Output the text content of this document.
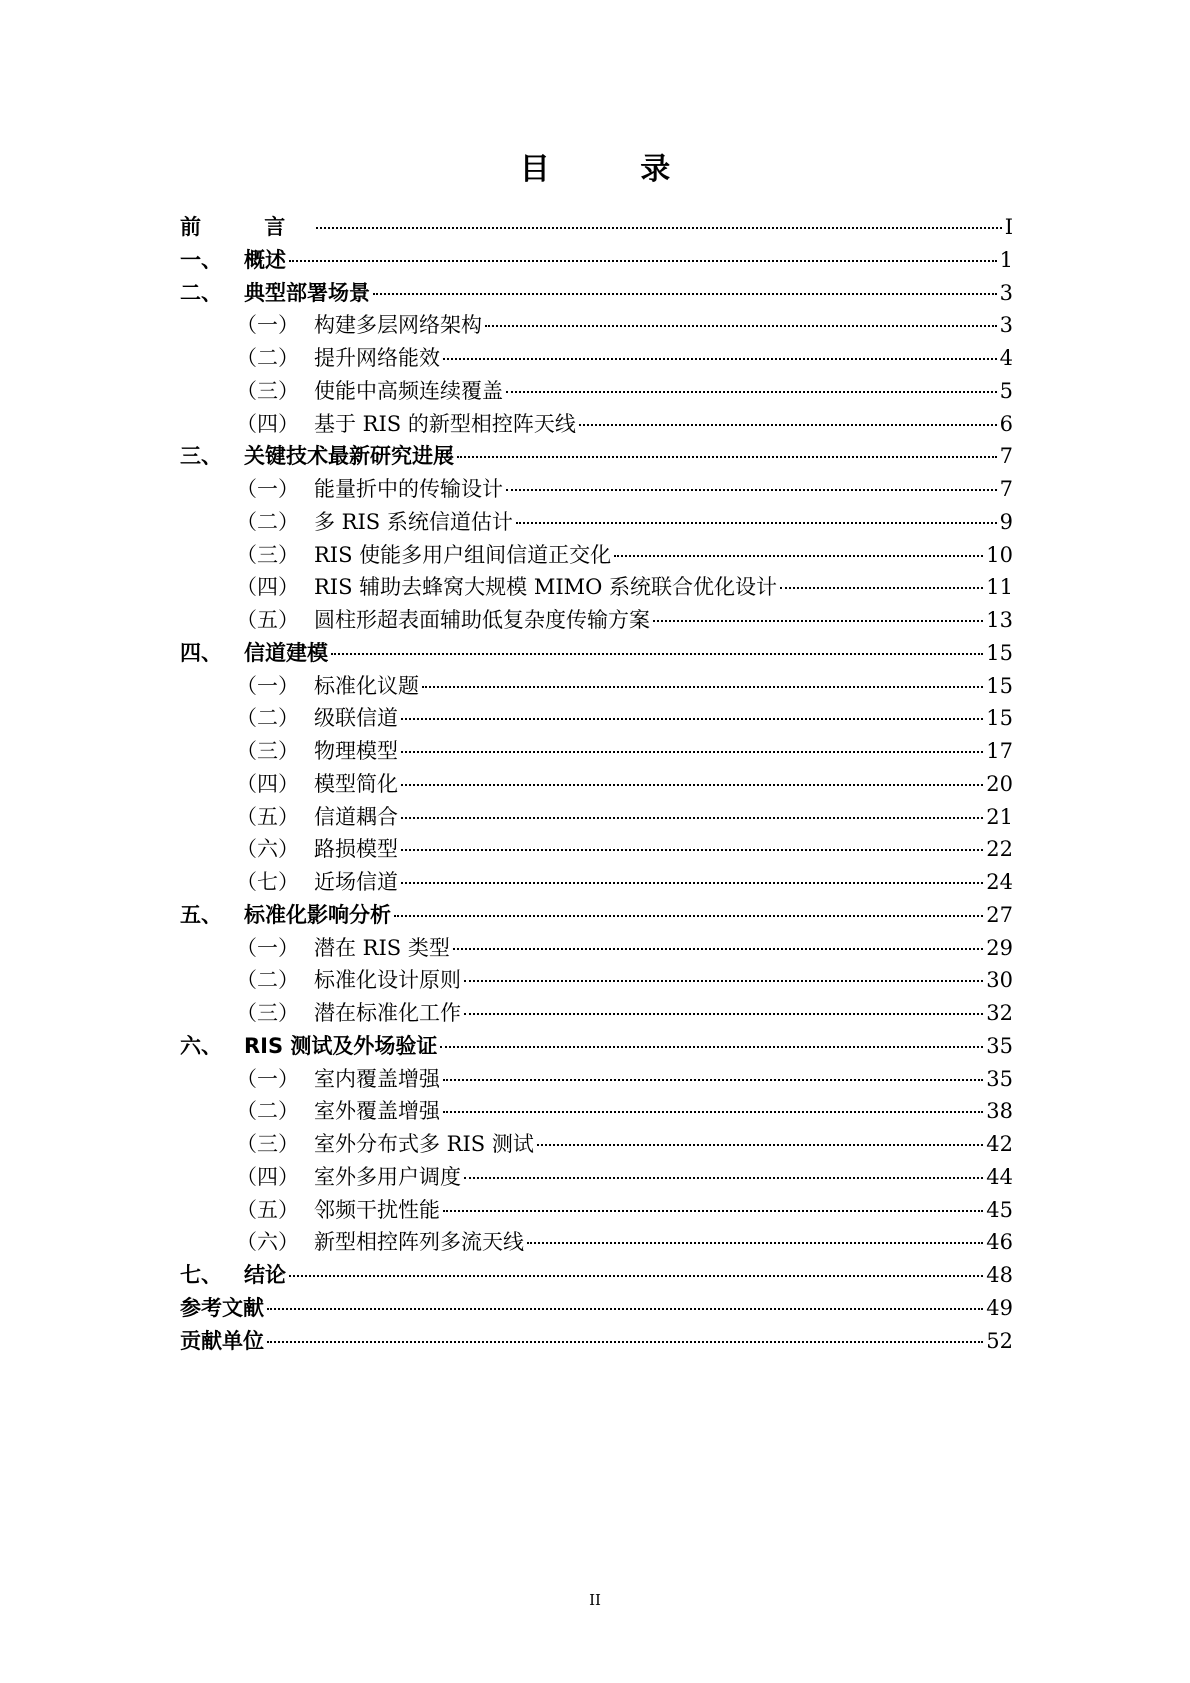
目 录
前 言	I
一、	概述	1
二、	典型部署场景	3
（一） 构建多层网络架构	3
（二） 提升网络能效	4
（三） 使能中高频连续覆盖	5
（四） 基于 RIS 的新型相控阵天线	6
三、	关键技术最新研究进展	7
（一） 能量折中的传输设计	7
（二） 多 RIS 系统信道估计	9
（三） RIS 使能多用户组间信道正交化	10
（四） RIS 辅助去蜂窝大规模 MIMO 系统联合优化设计	11
（五） 圆柱形超表面辅助低复杂度传输方案	13
四、	信道建模	15
（一） 标准化议题	15
（二） 级联信道	15
（三） 物理模型	17
（四） 模型简化	20
（五） 信道耦合	21
（六） 路损模型	22
（七） 近场信道	24
五、	标准化影响分析	27
（一） 潜在 RIS 类型	29
（二） 标准化设计原则	30
（三） 潜在标准化工作	32
六、	RIS 测试及外场验证	35
（一） 室内覆盖增强	35
（二） 室外覆盖增强	38
（三） 室外分布式多 RIS 测试	42
（四） 室外多用户调度	44
（五） 邻频干扰性能	45
（六） 新型相控阵列多流天线	46
七、	结论	48
参考文献	49
贡献单位	52
II
